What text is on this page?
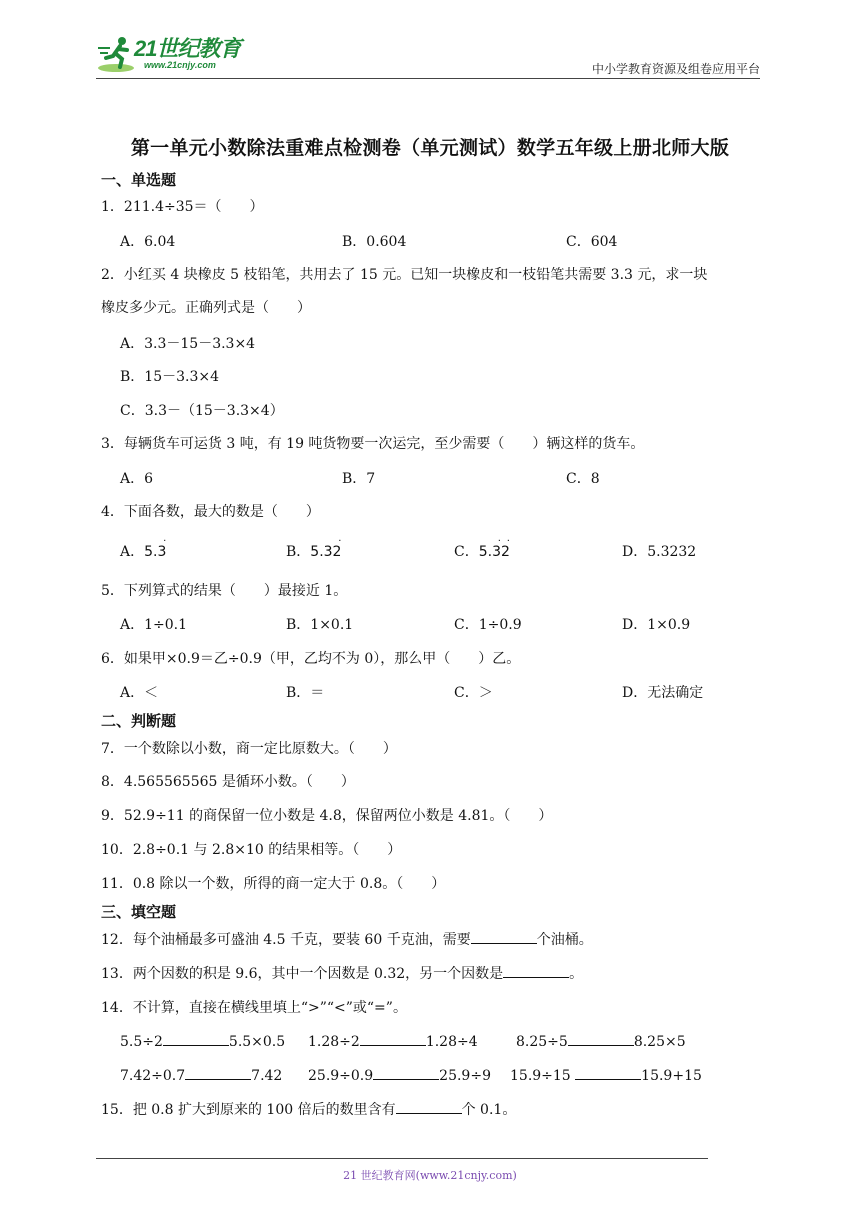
21世纪教育
www.21cnjy.com	中小学教育资源及组卷应用平台
第一单元小数除法重难点检测卷（单元测试）数学五年级上册北师大版
一、单选题
1．211.4÷35＝（　　）
A．6.04	B．0.604	C．604
2．小红买 4 块橡皮 5 枝铅笔，共用去了 15 元。已知一块橡皮和一枝铅笔共需要 3.3 元，求一块
橡皮多少元。正确列式是（　　）
A．3.3－15－3.3×4
B．15－3.3×4
C．3.3－（15－3.3×4）
3．每辆货车可运货 3 吨，有 19 吨货物要一次运完，至少需要（　　）辆这样的货车。
A．6	B．7	C．8
4．下面各数，最大的数是（　　）
A．5.3
·
B．5.32
·
C．5.32
· ·
D．5.3232
5．下列算式的结果（　　）最接近 1。
A．1÷0.1	B．1×0.1	C．1÷0.9	D．1×0.9
6．如果甲×0.9＝乙÷0.9（甲，乙均不为 0），那么甲（　　）乙。
A．＜	B．＝	C．＞	D．无法确定
二、判断题
7．一个数除以小数，商一定比原数大。（　　）
8．4.565565565 是循环小数。（　　）
9．52.9÷11 的商保留一位小数是 4.8，保留两位小数是 4.81。（　　）
10．2.8÷0.1 与 2.8×10 的结果相等。（　　）
11．0.8 除以一个数，所得的商一定大于 0.8。（　　）
三、填空题
12．每个油桶最多可盛油 4.5 千克，要装 60 千克油，需要	个油桶。
13．两个因数的积是 9.6，其中一个因数是 0.32，另一个因数是	。
14．不计算，直接在横线里填上“>”“<”或“=”。
5.5÷2	5.5×0.5 1.28÷2	1.28÷4	8.25÷5	8.25×5
7.42÷0.7	7.42 25.9÷0.9	25.9÷9 15.9÷15	15.9+15
15．把 0.8 扩大到原来的 100 倍后的数里含有	个 0.1。
21 世纪教育网(www.21cnjy.com)
